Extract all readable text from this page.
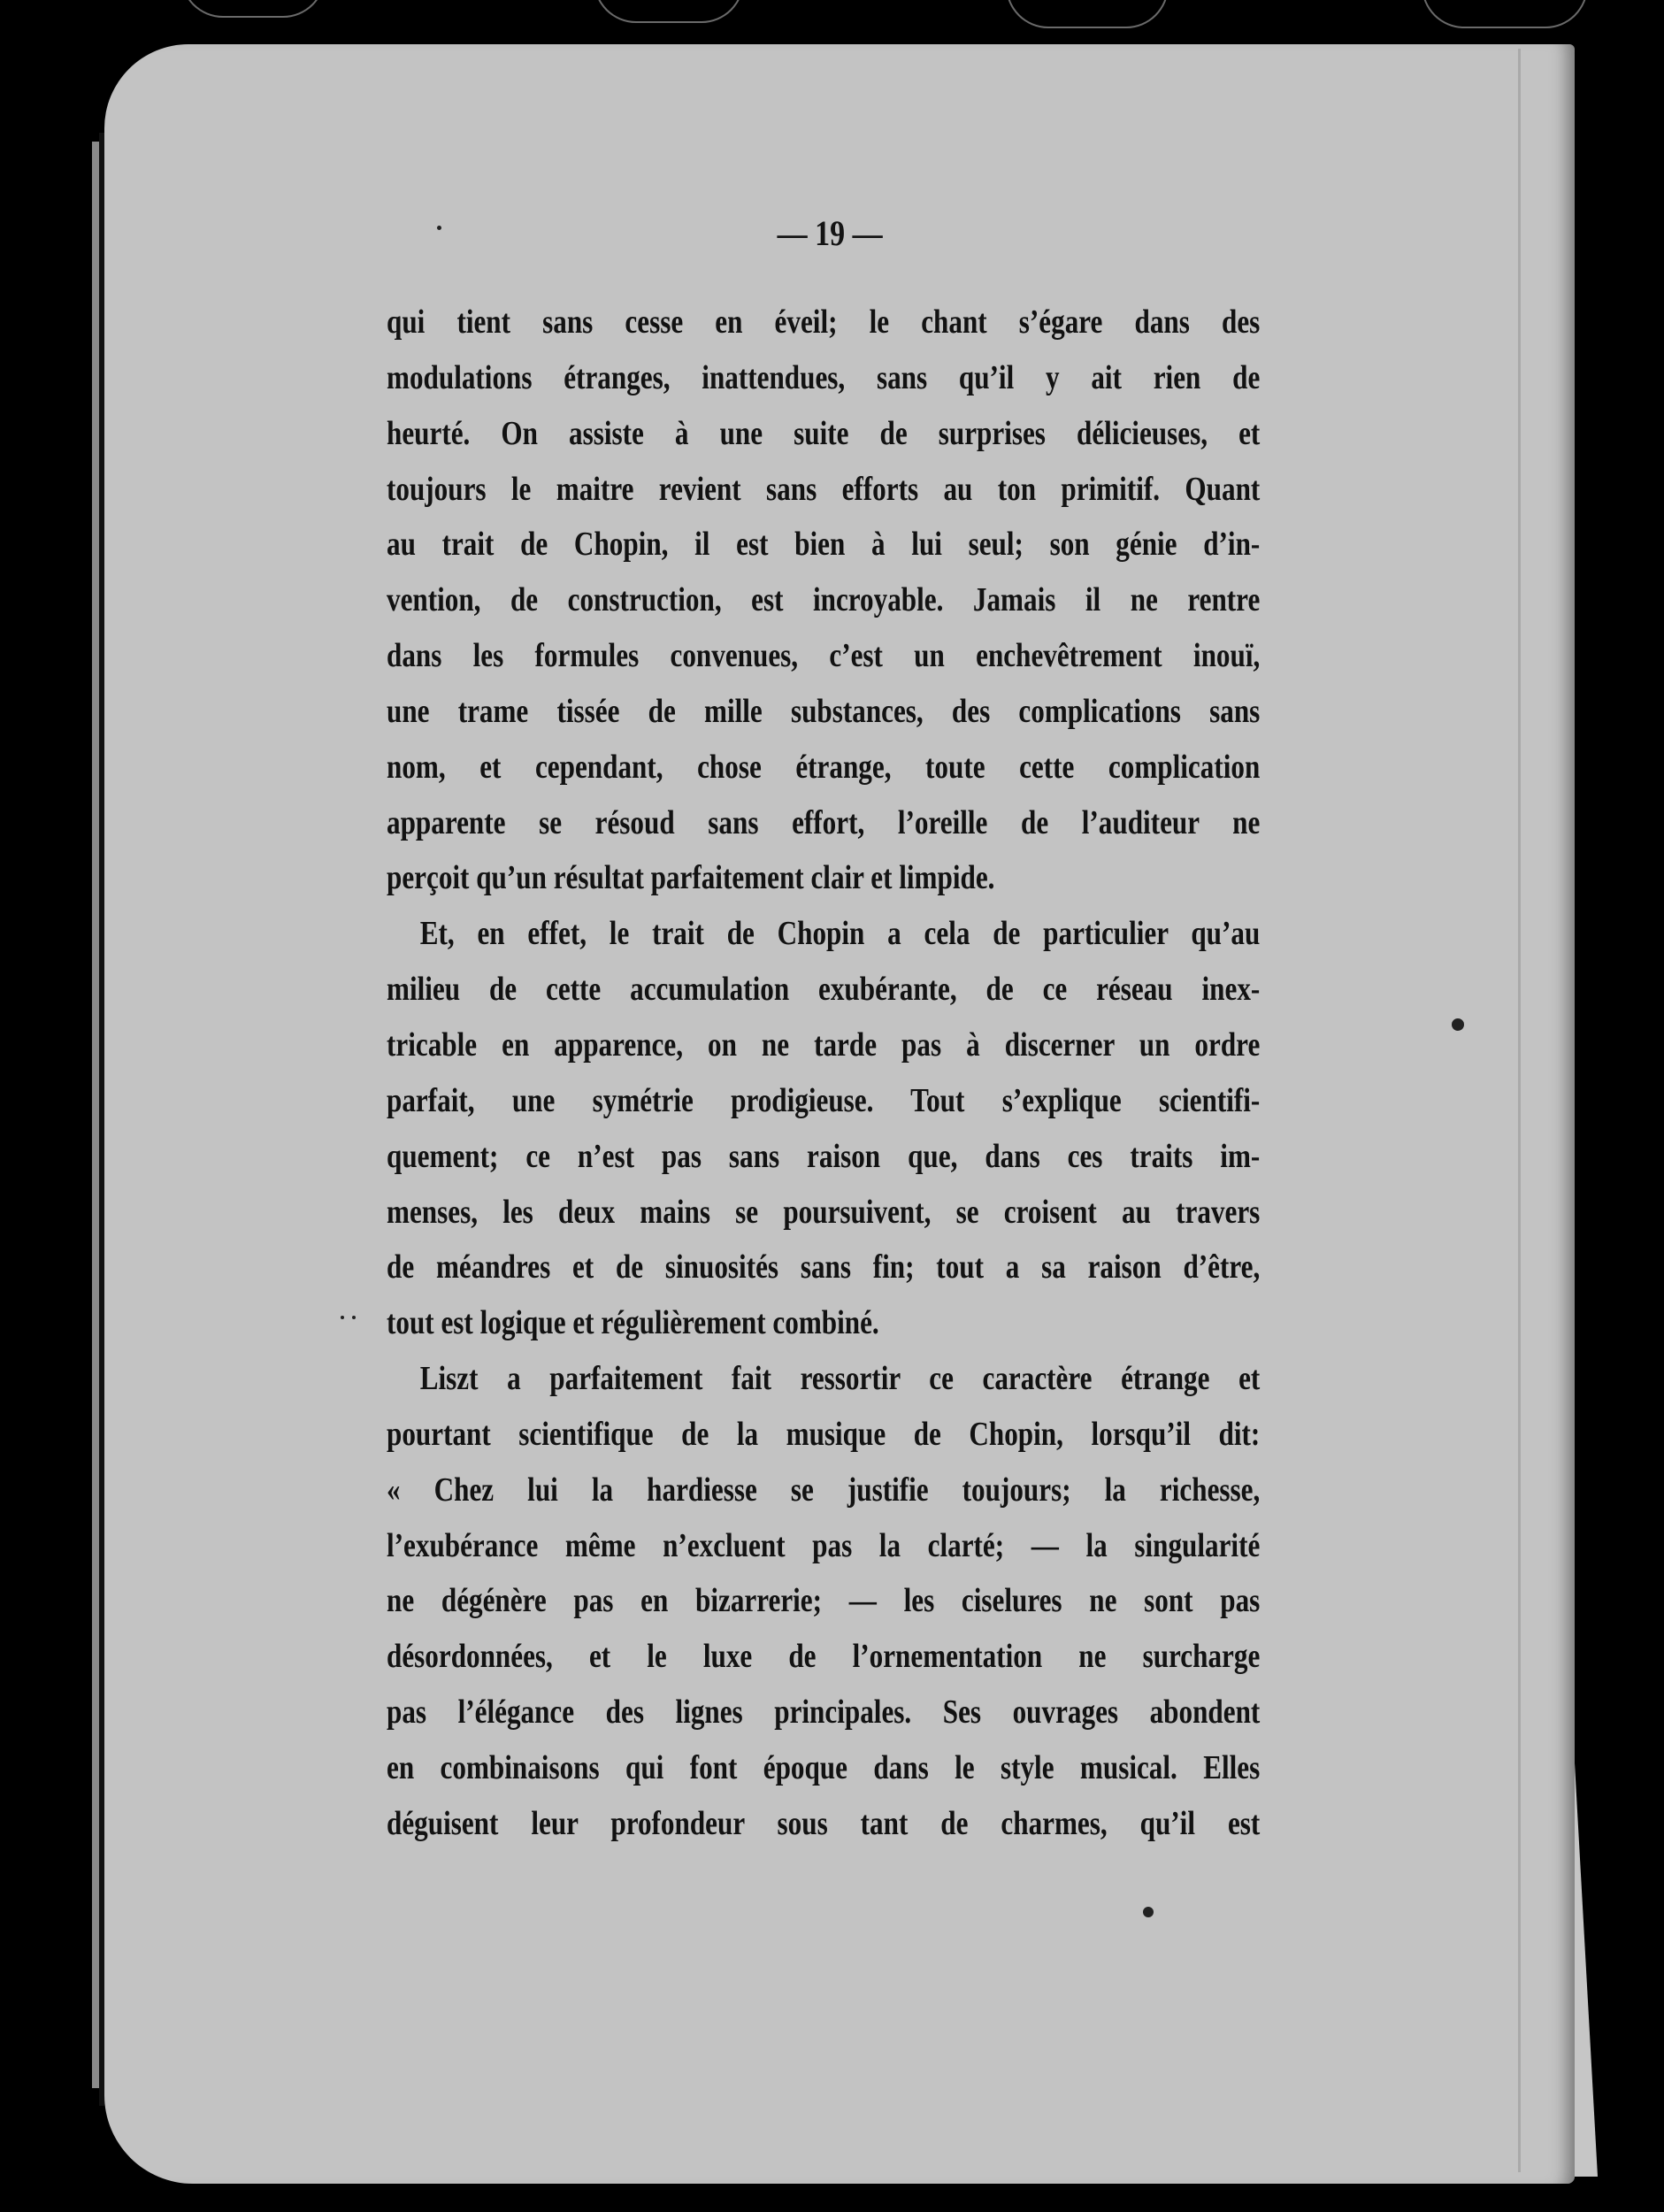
— 19 —
qui tient sans cesse en éveil; le chant s’égare dans des
modulations étranges, inattendues, sans qu’il y ait rien de
heurté. On assiste à une suite de surprises délicieuses, et
toujours le maitre revient sans efforts au ton primitif. Quant
au trait de Chopin, il est bien à lui seul; son génie d’in-
vention, de construction, est incroyable. Jamais il ne rentre
dans les formules convenues, c’est un enchevêtrement inouï,
une trame tissée de mille substances, des complications sans
nom, et cependant, chose étrange, toute cette complication
apparente se résoud sans effort, l’oreille de l’auditeur ne
perçoit qu’un résultat parfaitement clair et limpide.
Et, en effet, le trait de Chopin a cela de particulier qu’au
milieu de cette accumulation exubérante, de ce réseau inex-
tricable en apparence, on ne tarde pas à discerner un ordre
parfait, une symétrie prodigieuse. Tout s’explique scientifi-
quement; ce n’est pas sans raison que, dans ces traits im-
menses, les deux mains se poursuivent, se croisent au travers
de méandres et de sinuosités sans fin; tout a sa raison d’être,
tout est logique et régulièrement combiné.
Liszt a parfaitement fait ressortir ce caractère étrange et
pourtant scientifique de la musique de Chopin, lorsqu’il dit:
« Chez lui la hardiesse se justifie toujours; la richesse,
l’exubérance même n’excluent pas la clarté; — la singularité
ne dégénère pas en bizarrerie; — les ciselures ne sont pas
désordonnées, et le luxe de l’ornementation ne surcharge
pas l’élégance des lignes principales. Ses ouvrages abondent
en combinaisons qui font époque dans le style musical. Elles
déguisent leur profondeur sous tant de charmes, qu’il est
